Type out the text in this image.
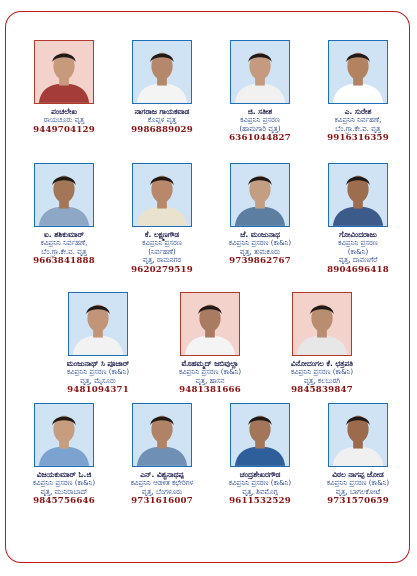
ಪಂಚಲೇಖ
ರಾಯಚೂರು ವೃತ್ತ
9449704129
ನಾಗರಾಜ ಗಾಯಕವಾಡ
ಕೊಪ್ಪಳ ವೃತ್ತ
9986889029
ಜಿ. ಸತೀಶ
ಕವಿಪ್ರನಿನಿ ಪ್ರಸರಣ
(ಹಾಮಗಾರಿ ವೃತ್ತ)
6361044827
ಎ. ಸುರೇಶ
ಕವಿಪ್ರನಿನಿ ನಿರ್ವಹಣೆ,
ಬೆಂ.ಗ್ರಾ.ಕೇ.ವ. ವೃತ್ತ
9916316359
ಐ. ಶಶಿಕುಮಾರ್
ಕವಿಪ್ರನಿನಿ ನಿರ್ವಹಣೆ,
ಬೆಂ.ಗ್ರಾ.ಕೇ.ವ. ವೃತ್ತ
9663841888
ಕೆ. ಲಕ್ಷ್ಮಣಗೌಡ
ಕವಿಪ್ರನಿನಿ ಪ್ರಸರಣ
(ನಿರ್ವಹಣೆ)
ವೃತ್ತ, ರಾಮನಗರ
9620279519
ಜೆ. ಮಂಜುನಾಥ
ಕವಿಪ್ರನಿನಿ ಪ್ರಸರಣ (ಕಾ&ನಿ)
ವೃತ್ತ, ತುಮಕೂರು
9739862767
ಗೋವಿಂದರಾಜು
ಕವಿಪ್ರನಿನಿ ಪ್ರಸರಣ
(ಕಾ&ನಿ)
ವೃತ್ತ, ದಾವಣಗೆರೆ
8904696418
ಮಂಜುನಾಥ್ ಸಿ ಪೂಜಾರ್
ಕವಿಪ್ರನಿನಿ ಪ್ರಸರಣ (ಕಾ&ನಿ)
ವೃತ್ತ, ಮೈಸೂರು
9481094371
ಮೊಹಮ್ಮದ್ ಜಬಿವುಲ್ಲಾ
ಕವಿಪ್ರನಿನಿ ಪ್ರಸರಣ (ಕಾ&ನಿ)
ವೃತ್ತ, ಹಾಸನ
9481381666
ವಿನೋದಂಗಲ ಕೆ. ಛತ್ರಪತಿ
ಕವಿಪ್ರನಿನಿ ಪ್ರಸರಣ (ಕಾ&ನಿ)
ವೃತ್ತ, ಕಲಬುರಗಿ
9845839847
ವಿಜಯಕುಮಾರ್ ಓ.ಜಿ
ಕವಿಪ್ರನಿನಿ ಪ್ರಸರಣ (ಕಾ&ನಿ)
ವೃತ್ತ, ಮುನಿರಾಬಾದ್
9845756646
ಎನ್. ವಿಶ್ವನಾಥಪ್ಪ
ಕವಿಪ್ರನಿನಿ ಆಡಳಿತ ಕಛೇರಿಗಳ
ವೃತ್ತ, ಬೆಂಗಳೂರು
9731616007
ಚಂದ್ರಶೇಖರಗೌಡ
ಕವಿಪ್ರನಿನಿ ಪ್ರಸರಣ (ಕಾ&ನಿ)
ವೃತ್ತ, ಶಿವಮೊಗ್ಗ
9611532529
ವಿಠಲ ನಾಗಪ್ಪ ಜೋಡ
ಕವಿಪ್ರನಿನಿ ಪ್ರಸರಣ (ಕಾ&ನಿ)
ವೃತ್ತ, ಬಾಗಲಕೋಟೆ
9731570659
